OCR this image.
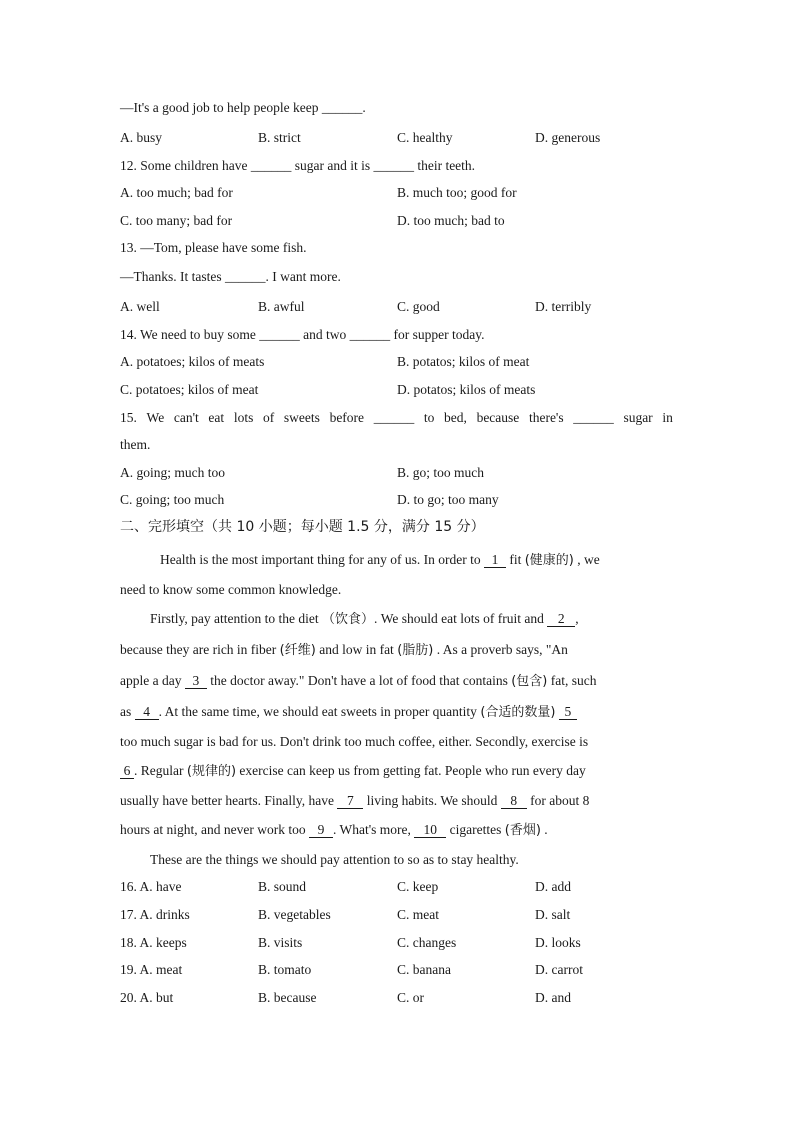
—It's a good job to help people keep ______.
A. busy	B. strict	C. healthy	D. generous
12. Some children have ______ sugar and it is ______ their teeth.
A. too much; bad for	B. much too; good for
C. too many; bad for	D. too much; bad to
13. —Tom, please have some fish.
—Thanks. It tastes ______. I want more.
A. well	B. awful	C. good	D. terribly
14. We need to buy some ______ and two ______ for supper today.
A. potatoes; kilos of meats	B. potatos; kilos of meat
C. potatoes; kilos of meat	D. potatos; kilos of meats
15. We can't eat lots of sweets before ______ to bed, because there's ______ sugar in
them.
A. going; much too	B. go; too much
C. going; too much	D. to go; too many
二、完形填空（共 10 小题；每小题 1.5 分，满分 15 分）
Health is the most important thing for any of us. In order to 1 fit (健康的) , we
need to know some common knowledge.
Firstly, pay attention to the diet （饮食）. We should eat lots of fruit and 2 ,
because they are rich in fiber (纤维) and low in fat (脂肪) . As a proverb says, "An
apple a day 3 the doctor away." Don't have a lot of food that contains (包含) fat, such
as 4 . At the same time, we should eat sweets in proper quantity (合适的数量) 5
too much sugar is bad for us. Don't drink too much coffee, either. Secondly, exercise is
6 . Regular (规律的) exercise can keep us from getting fat. People who run every day
usually have better hearts. Finally, have 7 living habits. We should 8 for about 8
hours at night, and never work too 9 . What's more, 10 cigarettes (香烟) .
These are the things we should pay attention to so as to stay healthy.
16. A. have	B. sound	C. keep	D. add
17. A. drinks	B. vegetables	C. meat	D. salt
18. A. keeps	B. visits	C. changes	D. looks
19. A. meat	B. tomato	C. banana	D. carrot
20. A. but	B. because	C. or	D. and
